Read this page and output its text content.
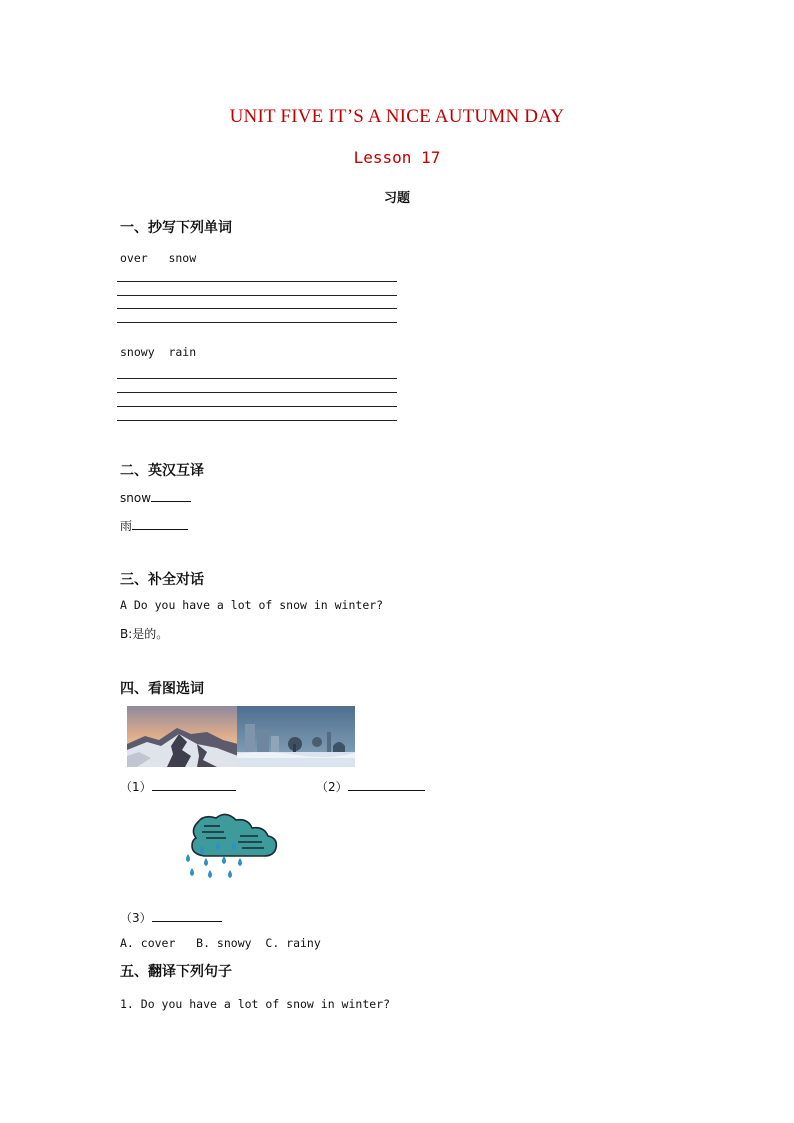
UNIT FIVE IT’S A NICE AUTUMN DAY
Lesson 17
习题
一、抄写下列单词
over   snow
snowy  rain
二、英汉互译
snow
雨
三、补全对话
A Do you have a lot of snow in winter?
B:是的。
四、看图选词
（1）	（2）
（3）
A. cover   B. snowy  C. rainy
五、翻译下列句子
1. Do you have a lot of snow in winter?
